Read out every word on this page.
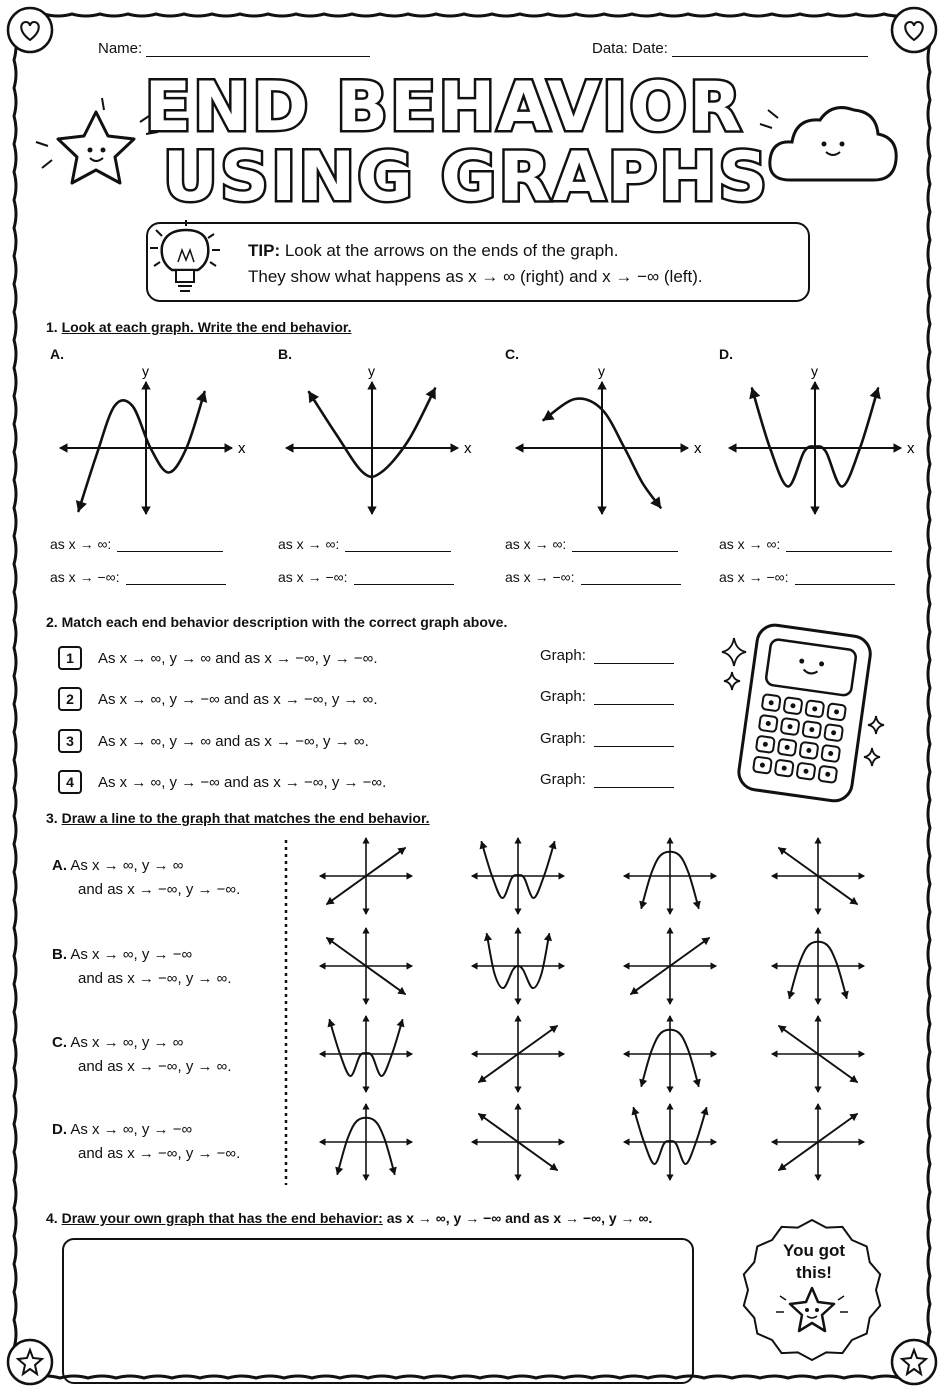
END BEHAVIOR
USING GRAPHS
x
y
x
y
x
y
x
y
Name:	Data: Date:
TIP: Look at the arrows on the ends of the graph.
They show what happens as x → ∞ (right) and x → −∞ (left).
1. Look at each graph. Write the end behavior.
A.
as x → ∞:
as x → −∞:
B.
as x → ∞:
as x → −∞:
C.
as x → ∞:
as x → −∞:
D.
as x → ∞:
as x → −∞:
2. Match each end behavior description with the correct graph above.
1 As x → ∞, y → ∞ and as x → −∞, y → −∞.	Graph:
2 As x → ∞, y → −∞ and as x → −∞, y → ∞.	Graph:
3 As x → ∞, y → ∞ and as x → −∞, y → ∞.	Graph:
4 As x → ∞, y → −∞ and as x → −∞, y → −∞.	Graph:
3. Draw a line to the graph that matches the end behavior.
A. As x → ∞, y → ∞
and as x → −∞, y → −∞.
B. As x → ∞, y → −∞
and as x → −∞, y → ∞.
C. As x → ∞, y → ∞
and as x → −∞, y → ∞.
D. As x → ∞, y → −∞
and as x → −∞, y → −∞.
4. Draw your own graph that has the end behavior: as x → ∞, y → −∞ and as x → −∞, y → ∞.
You got
this!
